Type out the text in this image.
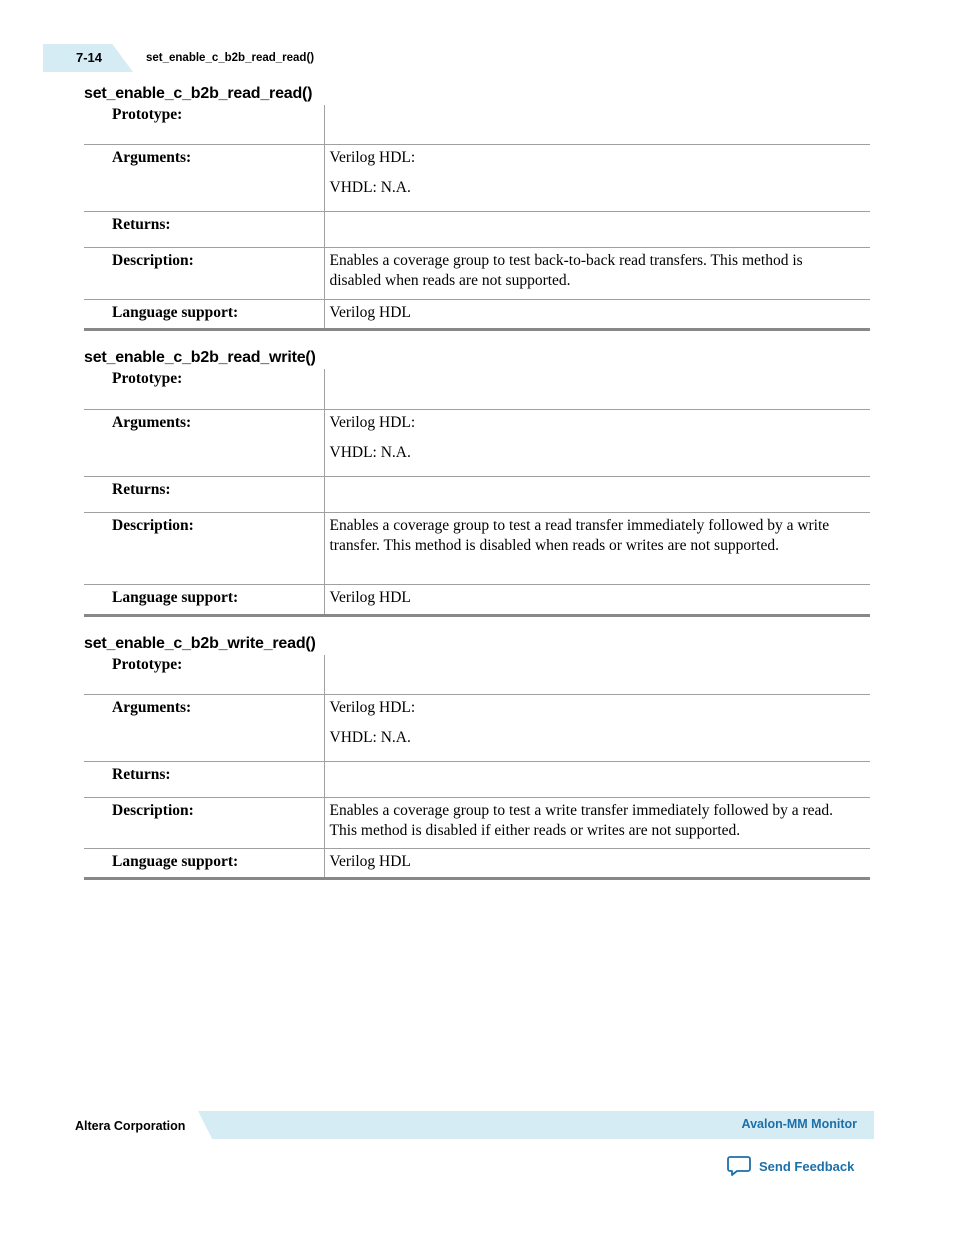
7-14	set_enable_c_b2b_read_read()
set_enable_c_b2b_read_read()
Prototype:	
Arguments:	Verilog HDL:

VHDL: N.A.

Returns:	
Description:	Enables a coverage group to test back-to-back read transfers. This method is disabled when reads are not supported.
Language support:	Verilog HDL
set_enable_c_b2b_read_write()
Prototype:	
Arguments:	Verilog HDL:

VHDL: N.A.

Returns:	
Description:	Enables a coverage group to test a read transfer immediately followed by a write transfer. This method is disabled when reads or writes are not supported.
Language support:	Verilog HDL
set_enable_c_b2b_write_read()
Prototype:	
Arguments:	Verilog HDL:

VHDL: N.A.

Returns:	
Description:	Enables a coverage group to test a write transfer immediately followed by a read. This method is disabled if either reads or writes are not supported.
Language support:	Verilog HDL
Altera Corporation	Avalon-MM Monitor
Send Feedback
